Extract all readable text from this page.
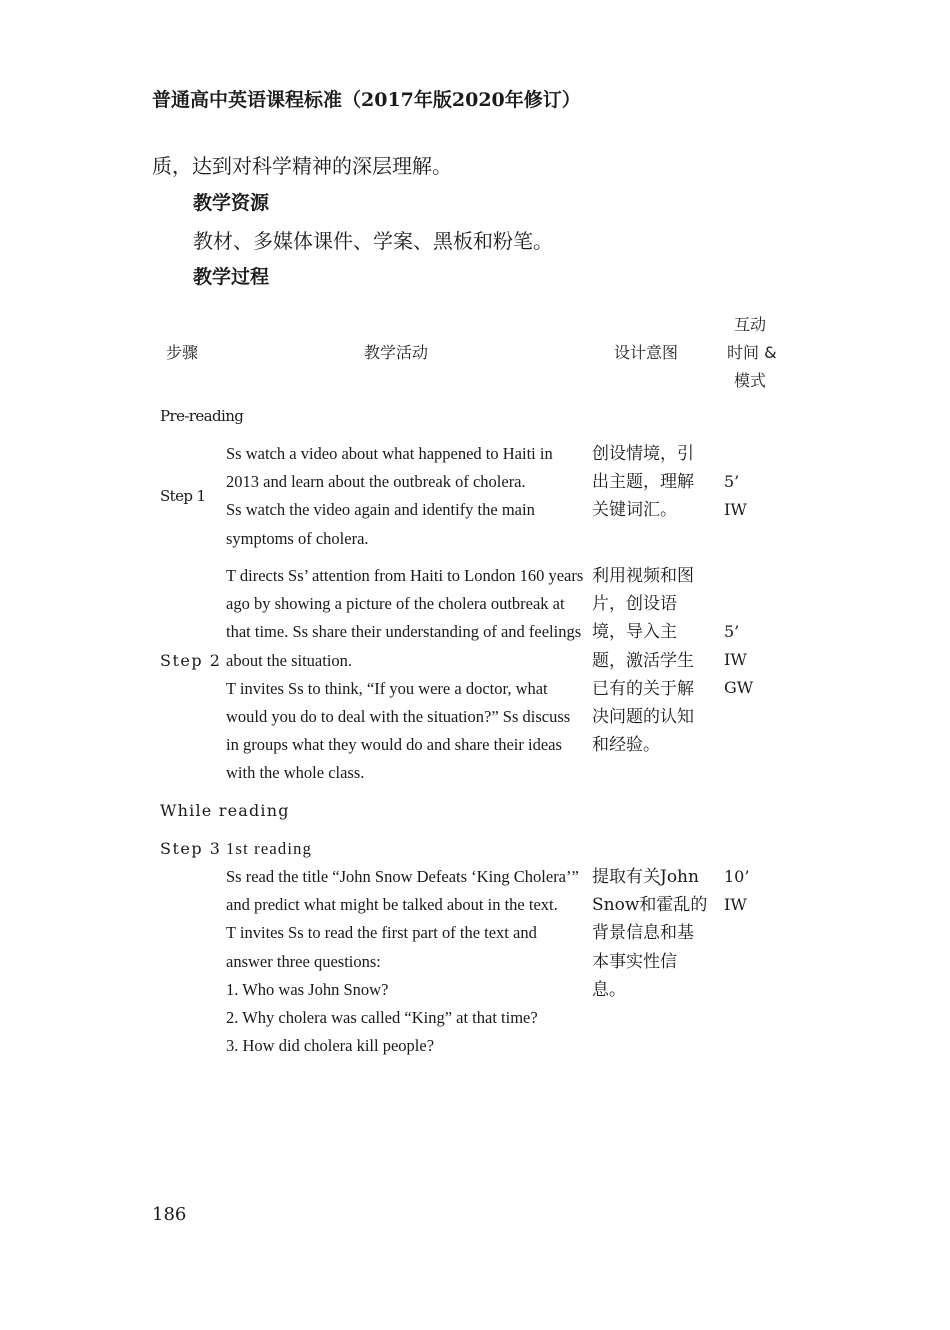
普通高中英语课程标准（2017年版2020年修订）
质，达到对科学精神的深层理解。
教学资源
教材、多媒体课件、学案、黑板和粉笔。
教学过程
步骤	教学活动	设计意图
互动
时间 &
模式
Pre-reading
Step 1

Ss watch a video about what happened to Haiti in 2013 and learn about the outbreak of cholera.

Ss watch the video again and identify the main symptoms of cholera.

创设情境，引出主题，理解关键词汇。
5’
IW
Step 2

T directs Ss’ attention from Haiti to London 160 years ago by showing a picture of the cholera outbreak at that time. Ss share their understanding of and feelings about the situation.

T invites Ss to think, “If you were a doctor, what would you do to deal with the situation?” Ss discuss in groups what they would do and share their ideas with the whole class.

利用视频和图片，创设语境，导入主题，激活学生已有的关于解决问题的认知和经验。
5’
IW
GW
While reading
Step 3 1st reading

Ss read the title “John Snow Defeats ‘King Cholera’” and predict what might be talked about in the text.

T invites Ss to read the first part of the text and answer three questions:

1. Who was John Snow?

2. Why cholera was called “King” at that time?

3. How did cholera kill people?

提取有关John Snow和霍乱的背景信息和基本事实性信息。
10’
IW
186
